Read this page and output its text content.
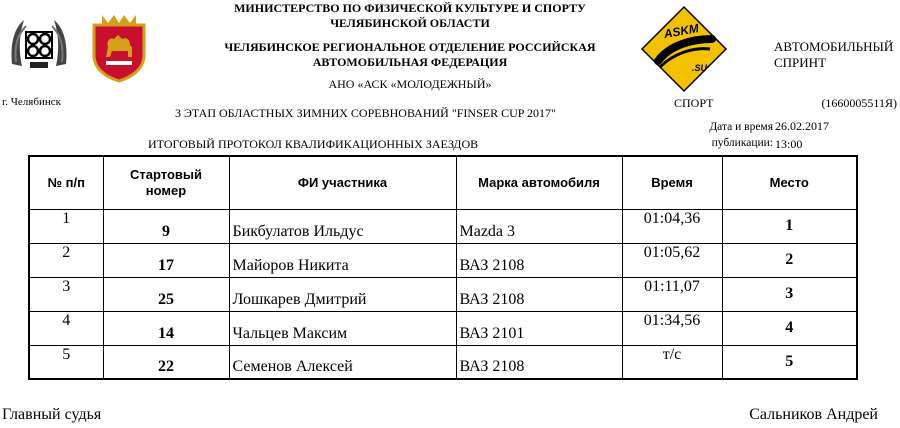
ASKM
.SU
МИНИСТЕРСТВО ПО ФИЗИЧЕСКОЙ КУЛЬТУРЕ И СПОРТУ
ЧЕЛЯБИНСКОЙ ОБЛАСТИ
ЧЕЛЯБИНСКОЕ РЕГИОНАЛЬНОЕ ОТДЕЛЕНИЕ РОССИЙСКАЯ
АВТОМОБИЛЬНАЯ ФЕДЕРАЦИЯ
АНО «АСК «МОЛОДЕЖНЫЙ»
АВТОМОБИЛЬНЫЙ
СПРИНТ
г. Челябинск
3 ЭТАП ОБЛАСТНЫХ ЗИМНИХ СОРЕВНОВАНИЙ "FINSER CUP 2017"
СПОРТ	(1660005511Я)
Дата и время
публикации:
26.02.2017
13:00
ИТОГОВЫЙ ПРОТОКОЛ КВАЛИФИКАЦИОННЫХ ЗАЕЗДОВ
№ п/п	Стартовый
номер	ФИ участника	Марка автомобиля	Время	Место
1	9	Бикбулатов Ильдус	Mazda 3	01:04,36	1
2	17	Майоров Никита	ВАЗ 2108	01:05,62	2
3	25	Лошкарев Дмитрий	ВАЗ 2108	01:11,07	3
4	14	Чальцев Максим	ВАЗ 2101	01:34,56	4
5	22	Семенов Алексей	ВАЗ 2108	т/с	5
Главный судья	Сальников Андрей
